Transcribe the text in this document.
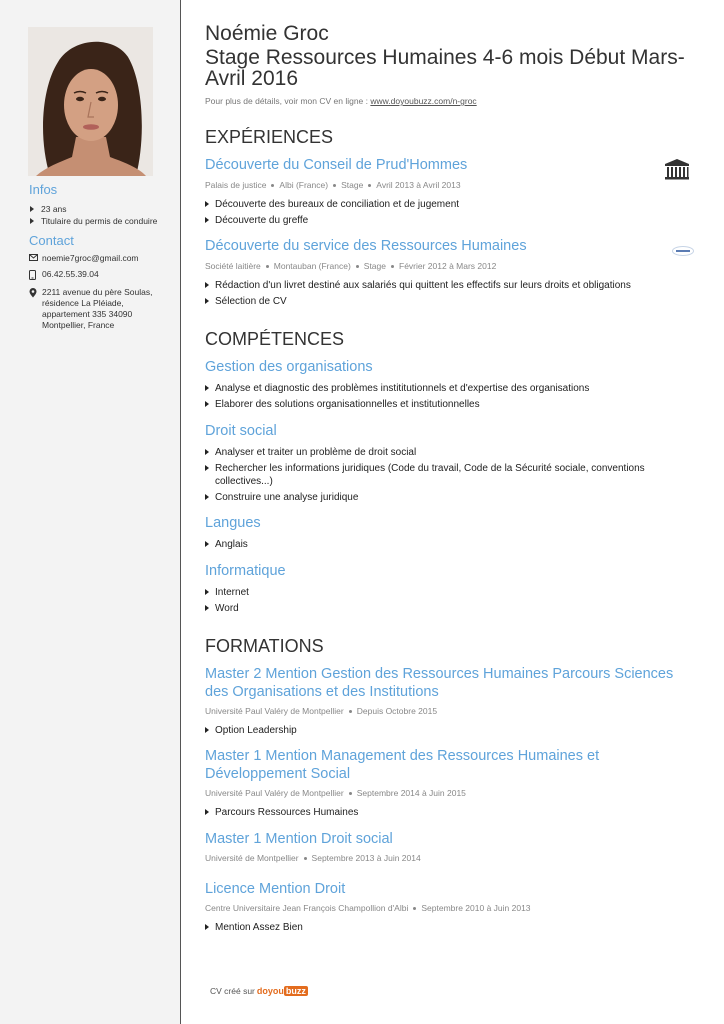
Infos
23 ans
Titulaire du permis de conduire
Contact
noemie7groc@gmail.com
06.42.55.39.04
2211 avenue du père Soulas, résidence La Pléiade, appartement 335 34090 Montpellier, France
Noémie Groc
Stage Ressources Humaines 4-6 mois Début Mars-Avril 2016
Pour plus de détails, voir mon CV en ligne : www.doyoubuzz.com/n-groc
EXPÉRIENCES
Découverte du Conseil de Prud'Hommes
Palais de justice Albi (France) Stage Avril 2013 à Avril 2013
Découverte des bureaux de conciliation et de jugement
Découverte du greffe
Découverte du service des Ressources Humaines
Société laitière Montauban (France) Stage Février 2012 à Mars 2012
Rédaction d'un livret destiné aux salariés qui quittent les effectifs sur leurs droits et obligations
Sélection de CV
COMPÉTENCES
Gestion des organisations
Analyse et diagnostic des problèmes instititutionnels et d'expertise des organisations
Elaborer des solutions organisationnelles et institutionnelles
Droit social
Analyser et traiter un problème de droit social
Rechercher les informations juridiques (Code du travail, Code de la Sécurité sociale, conventions collectives...)
Construire une analyse juridique
Langues
Anglais
Informatique
Internet
Word
FORMATIONS
Master 2 Mention Gestion des Ressources Humaines Parcours Sciences des Organisations et des Institutions
Université Paul Valéry de Montpellier Depuis Octobre 2015
Option Leadership
Master 1 Mention Management des Ressources Humaines et Développement Social
Université Paul Valéry de Montpellier Septembre 2014 à Juin 2015
Parcours Ressources Humaines
Master 1 Mention Droit social
Université de Montpellier Septembre 2013 à Juin 2014
Licence Mention Droit
Centre Universitaire Jean François Champollion d'Albi Septembre 2010 à Juin 2013
Mention Assez Bien
CV créé sur doyou buzz
